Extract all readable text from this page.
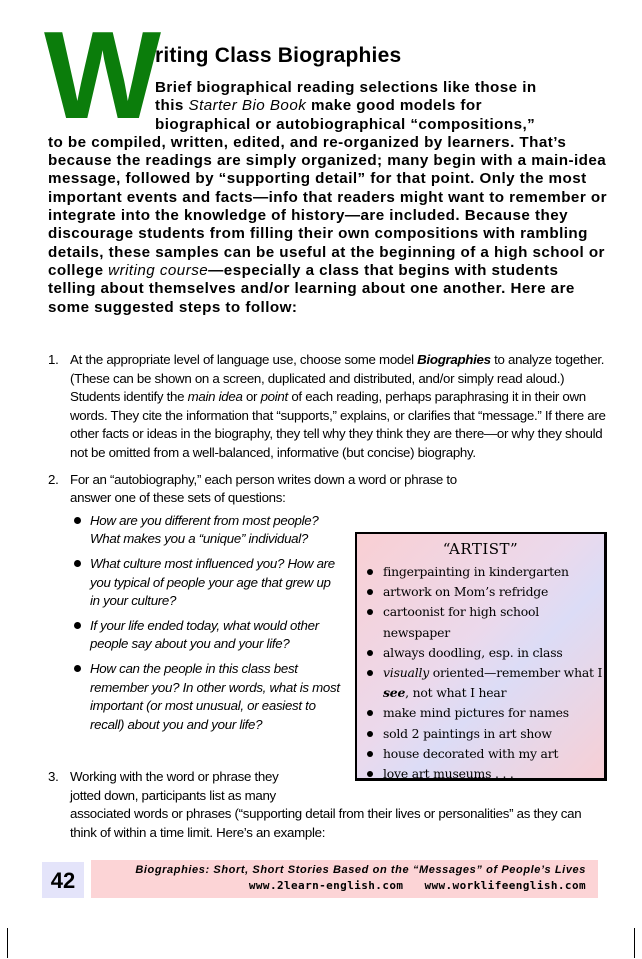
W
riting Class Biographies
Brief biographical reading selections like those in
this Starter Bio Book make good models for
biographical or autobiographical “compositions,”
to be compiled, written, edited, and re-organized by learners. That’s because the readings are simply organized; many begin with a main-idea message, followed by “supporting detail” for that point. Only the most important events and facts—info that readers might want to remember or integrate into the knowledge of history—are included. Because they discourage students from filling their own compositions with rambling details, these samples can be useful at the beginning of a high school or college writing course—especially a class that begins with students telling about themselves and/or learning about one another. Here are some suggested steps to follow:
1. At the appropriate level of language use, choose some model Biographies to analyze together. (These can be shown on a screen, duplicated and distributed, and/or simply read aloud.) Students identify the main idea or point of each reading, perhaps paraphrasing it in their own words. They cite the information that “supports,” explains, or clarifies that “message.” If there are other facts or ideas in the biography, they tell why they think they are there—or why they should not be omitted from a well-balanced, informative (but concise) biography.
2. For an “autobiography,” each person writes down a word or phrase to
answer one of these sets of questions:
How are you different from most people? What makes you a “unique” individual?
What culture most influenced you? How are you typical of people your age that grew up in your culture?
If your life ended today, what would other people say about you and your life?
How can the people in this class best remember you? In other words, what is most important (or most unusual, or easiest to recall) about you and your life?
“ARTIST”
fingerpainting in kindergarten
artwork on Mom’s refridge
cartoonist for high school newspaper
always doodling, esp. in class
visually oriented—remember what I see, not what I hear
make mind pictures for names
sold 2 paintings in art show
house decorated with my art
love art museums . . .
3. Working with the word or phrase they
jotted down, participants list as many
associated words or phrases (“supporting detail from their lives or personalities” as they can think of within a time limit. Here’s an example:
42	Biographies: Short, Short Stories Based on the “Messages” of People’s Lives
www.2learn-english.com www.worklifeenglish.com
